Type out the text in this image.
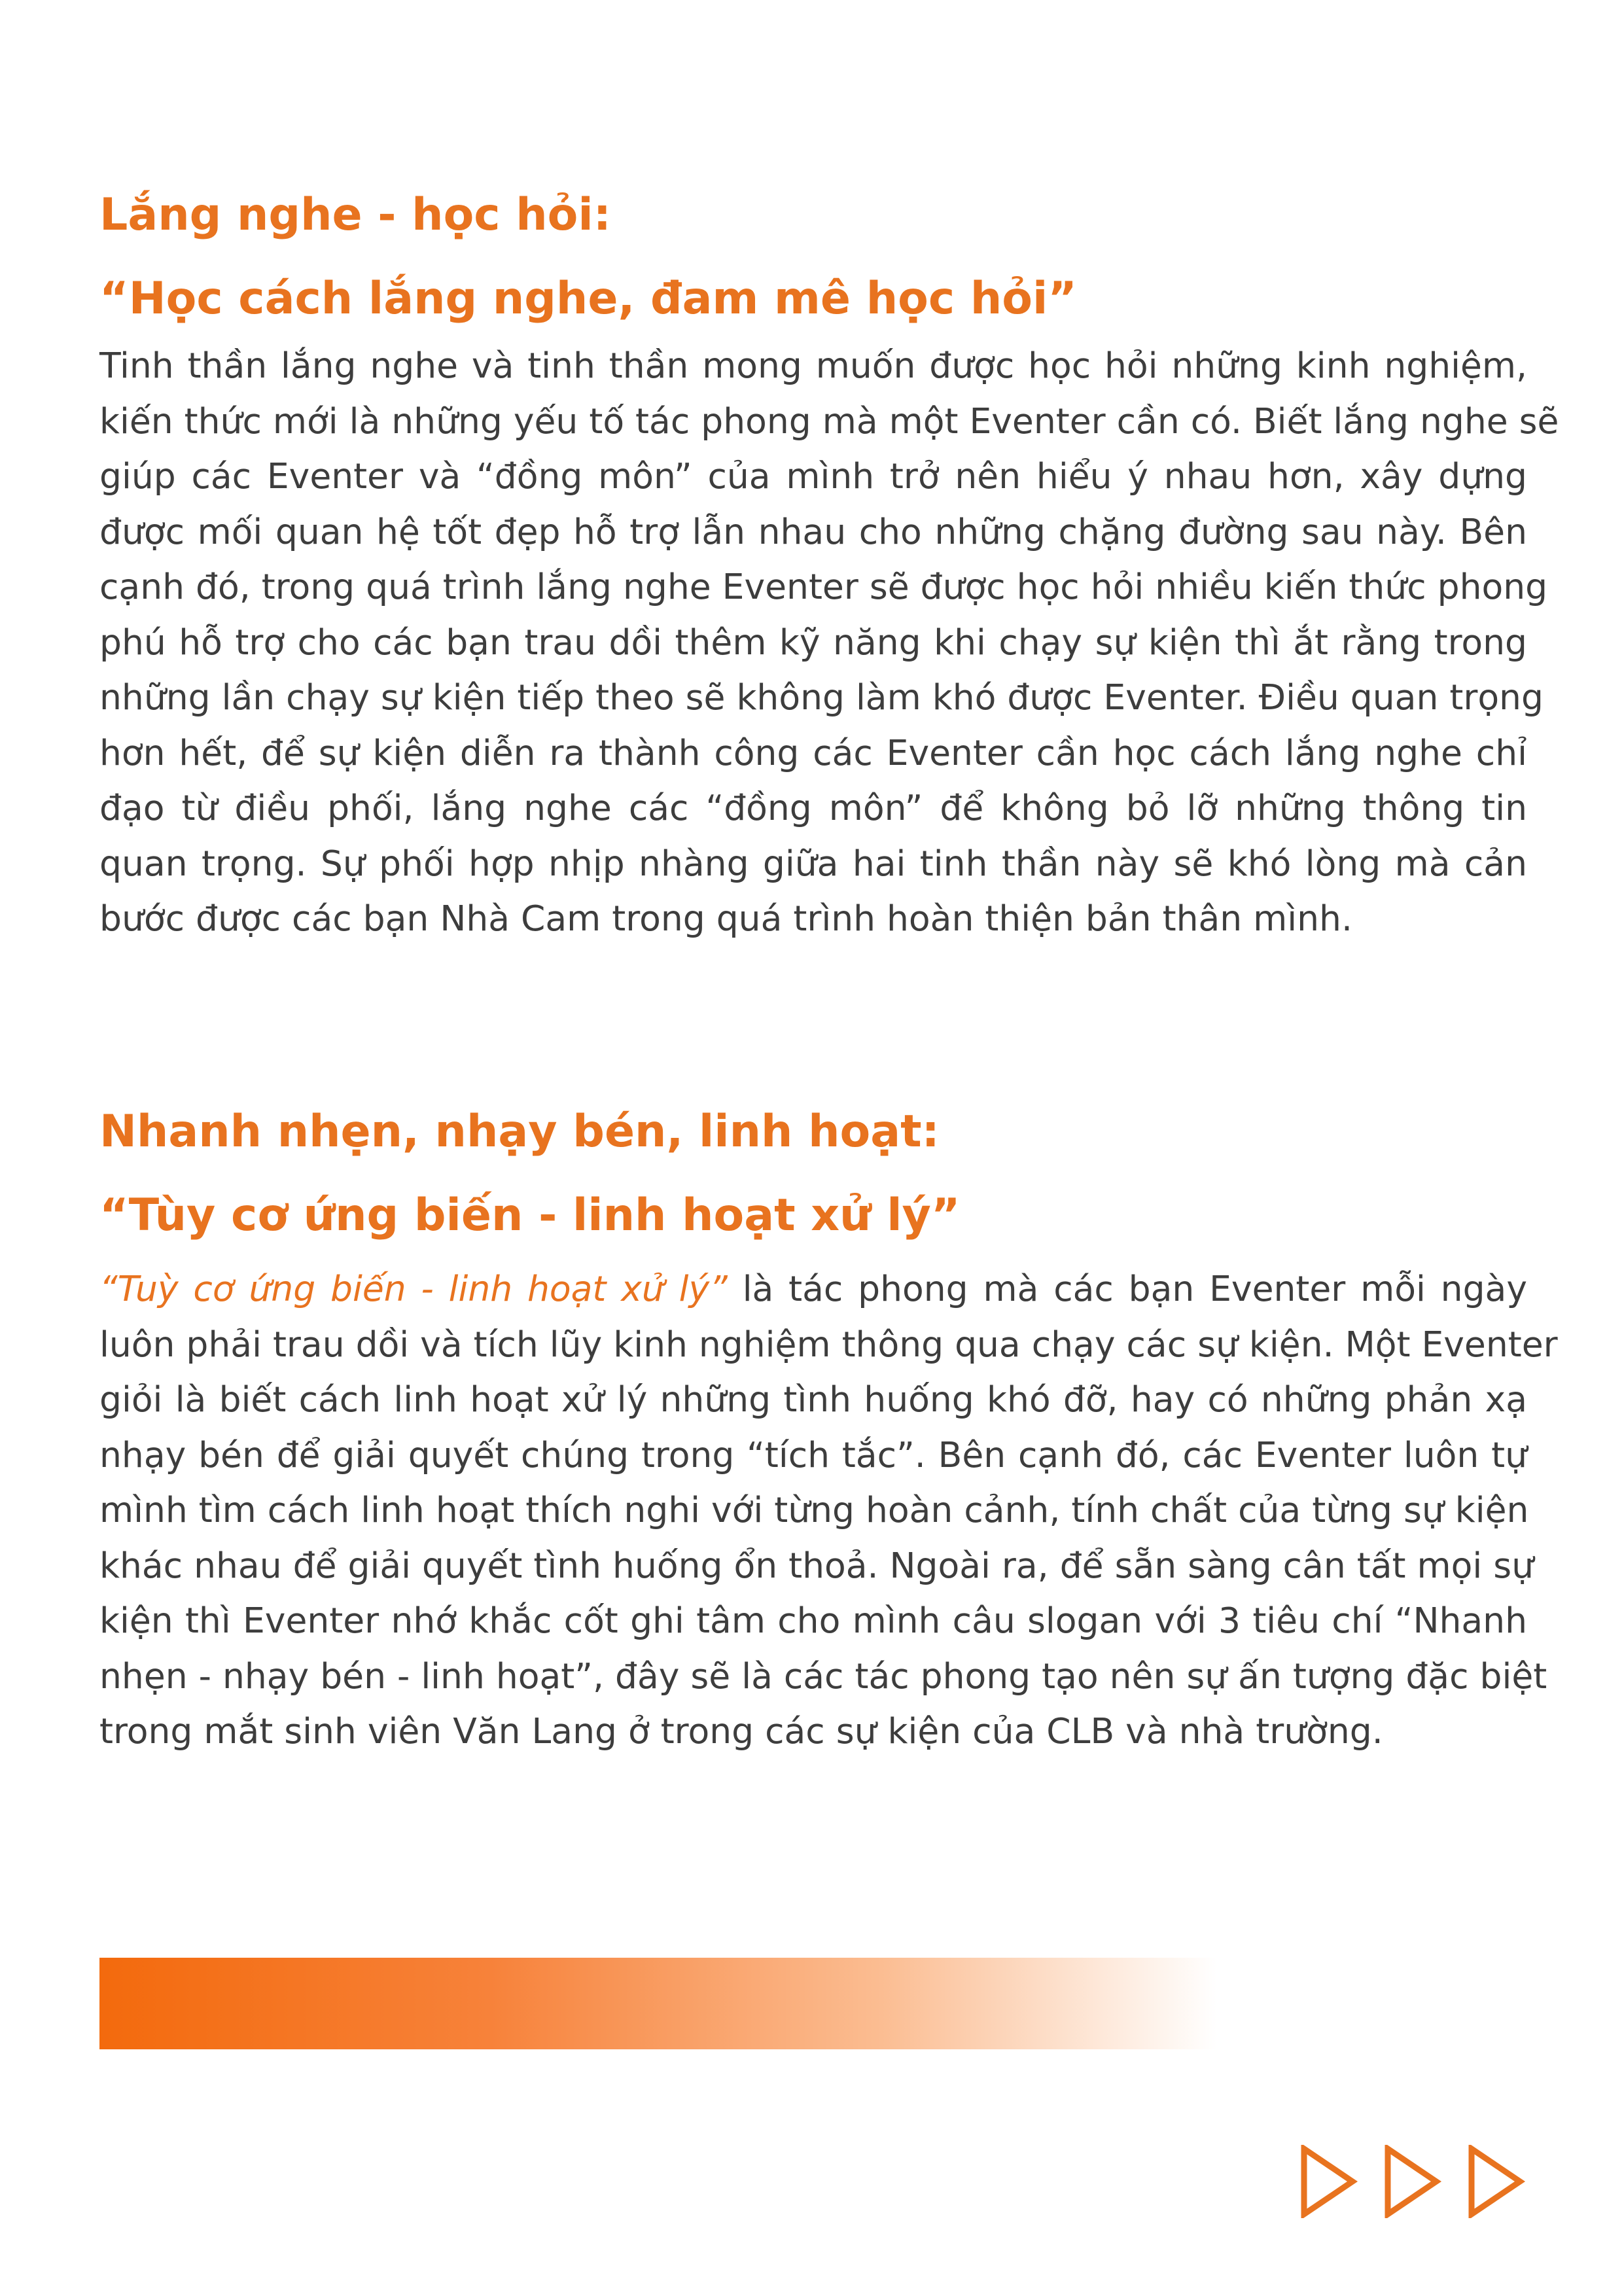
Lắng nghe - học hỏi:
“Học cách lắng nghe, đam mê học hỏi”
Tinh thần lắng nghe và tinh thần mong muốn được học hỏi những kinh nghiệm,
kiến thức mới là những yếu tố tác phong mà một Eventer cần có. Biết lắng nghe sẽ
giúp các Eventer và “đồng môn” của mình trở nên hiểu ý nhau hơn, xây dựng
được mối quan hệ tốt đẹp hỗ trợ lẫn nhau cho những chặng đường sau này. Bên
cạnh đó, trong quá trình lắng nghe Eventer sẽ được học hỏi nhiều kiến thức phong
phú hỗ trợ cho các bạn trau dồi thêm kỹ năng khi chạy sự kiện thì ắt rằng trong
những lần chạy sự kiện tiếp theo sẽ không làm khó được Eventer. Điều quan trọng
hơn hết, để sự kiện diễn ra thành công các Eventer cần học cách lắng nghe chỉ
đạo từ điều phối, lắng nghe các “đồng môn” để không bỏ lỡ những thông tin
quan trọng. Sự phối hợp nhịp nhàng giữa hai tinh thần này sẽ khó lòng mà cản
bước được các bạn Nhà Cam trong quá trình hoàn thiện bản thân mình.
Nhanh nhẹn, nhạy bén, linh hoạt:
“Tùy cơ ứng biến - linh hoạt xử lý”
“Tuỳ cơ ứng biến - linh hoạt xử lý” là tác phong mà các bạn Eventer mỗi ngày
luôn phải trau dồi và tích lũy kinh nghiệm thông qua chạy các sự kiện. Một Eventer
giỏi là biết cách linh hoạt xử lý những tình huống khó đỡ, hay có những phản xạ
nhạy bén để giải quyết chúng trong “tích tắc”. Bên cạnh đó, các Eventer luôn tự
mình tìm cách linh hoạt thích nghi với từng hoàn cảnh, tính chất của từng sự kiện
khác nhau để giải quyết tình huống ổn thoả. Ngoài ra, để sẵn sàng cân tất mọi sự
kiện thì Eventer nhớ khắc cốt ghi tâm cho mình câu slogan với 3 tiêu chí “Nhanh
nhẹn - nhạy bén - linh hoạt”, đây sẽ là các tác phong tạo nên sự ấn tượng đặc biệt
trong mắt sinh viên Văn Lang ở trong các sự kiện của CLB và nhà trường.
